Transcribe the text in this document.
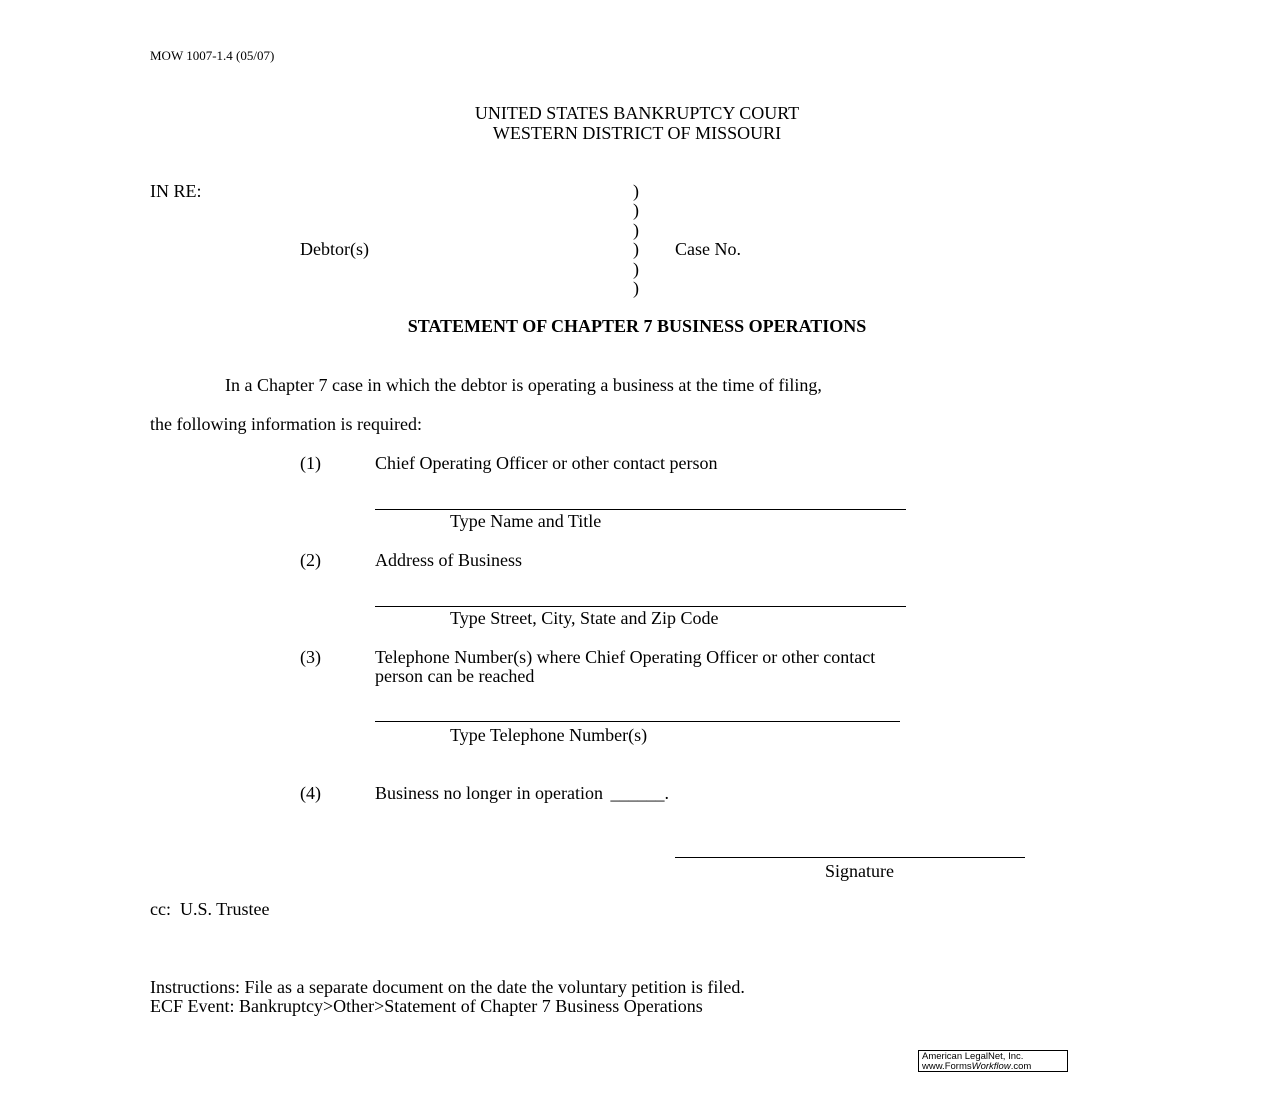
MOW 1007-1.4 (05/07)
UNITED STATES BANKRUPTCY COURT
WESTERN DISTRICT OF MISSOURI
IN RE:
Debtor(s)	Case No.
)
)
)
)
)
)
STATEMENT OF CHAPTER 7 BUSINESS OPERATIONS
In a Chapter 7 case in which the debtor is operating a business at the time of filing,
the following information is required:
(1)	Chief Operating Officer or other contact person
Type Name and Title
(2)	Address of Business
Type Street, City, State and Zip Code
(3)	Telephone Number(s) where Chief Operating Officer or other contact
person can be reached
Type Telephone Number(s)
(4)	Business no longer in operation ______.
Signature
cc:  U.S. Trustee
Instructions: File as a separate document on the date the voluntary petition is filed.
ECF Event: Bankruptcy>Other>Statement of Chapter 7 Business Operations
American LegalNet, Inc.
www.FormsWorkflow.com
